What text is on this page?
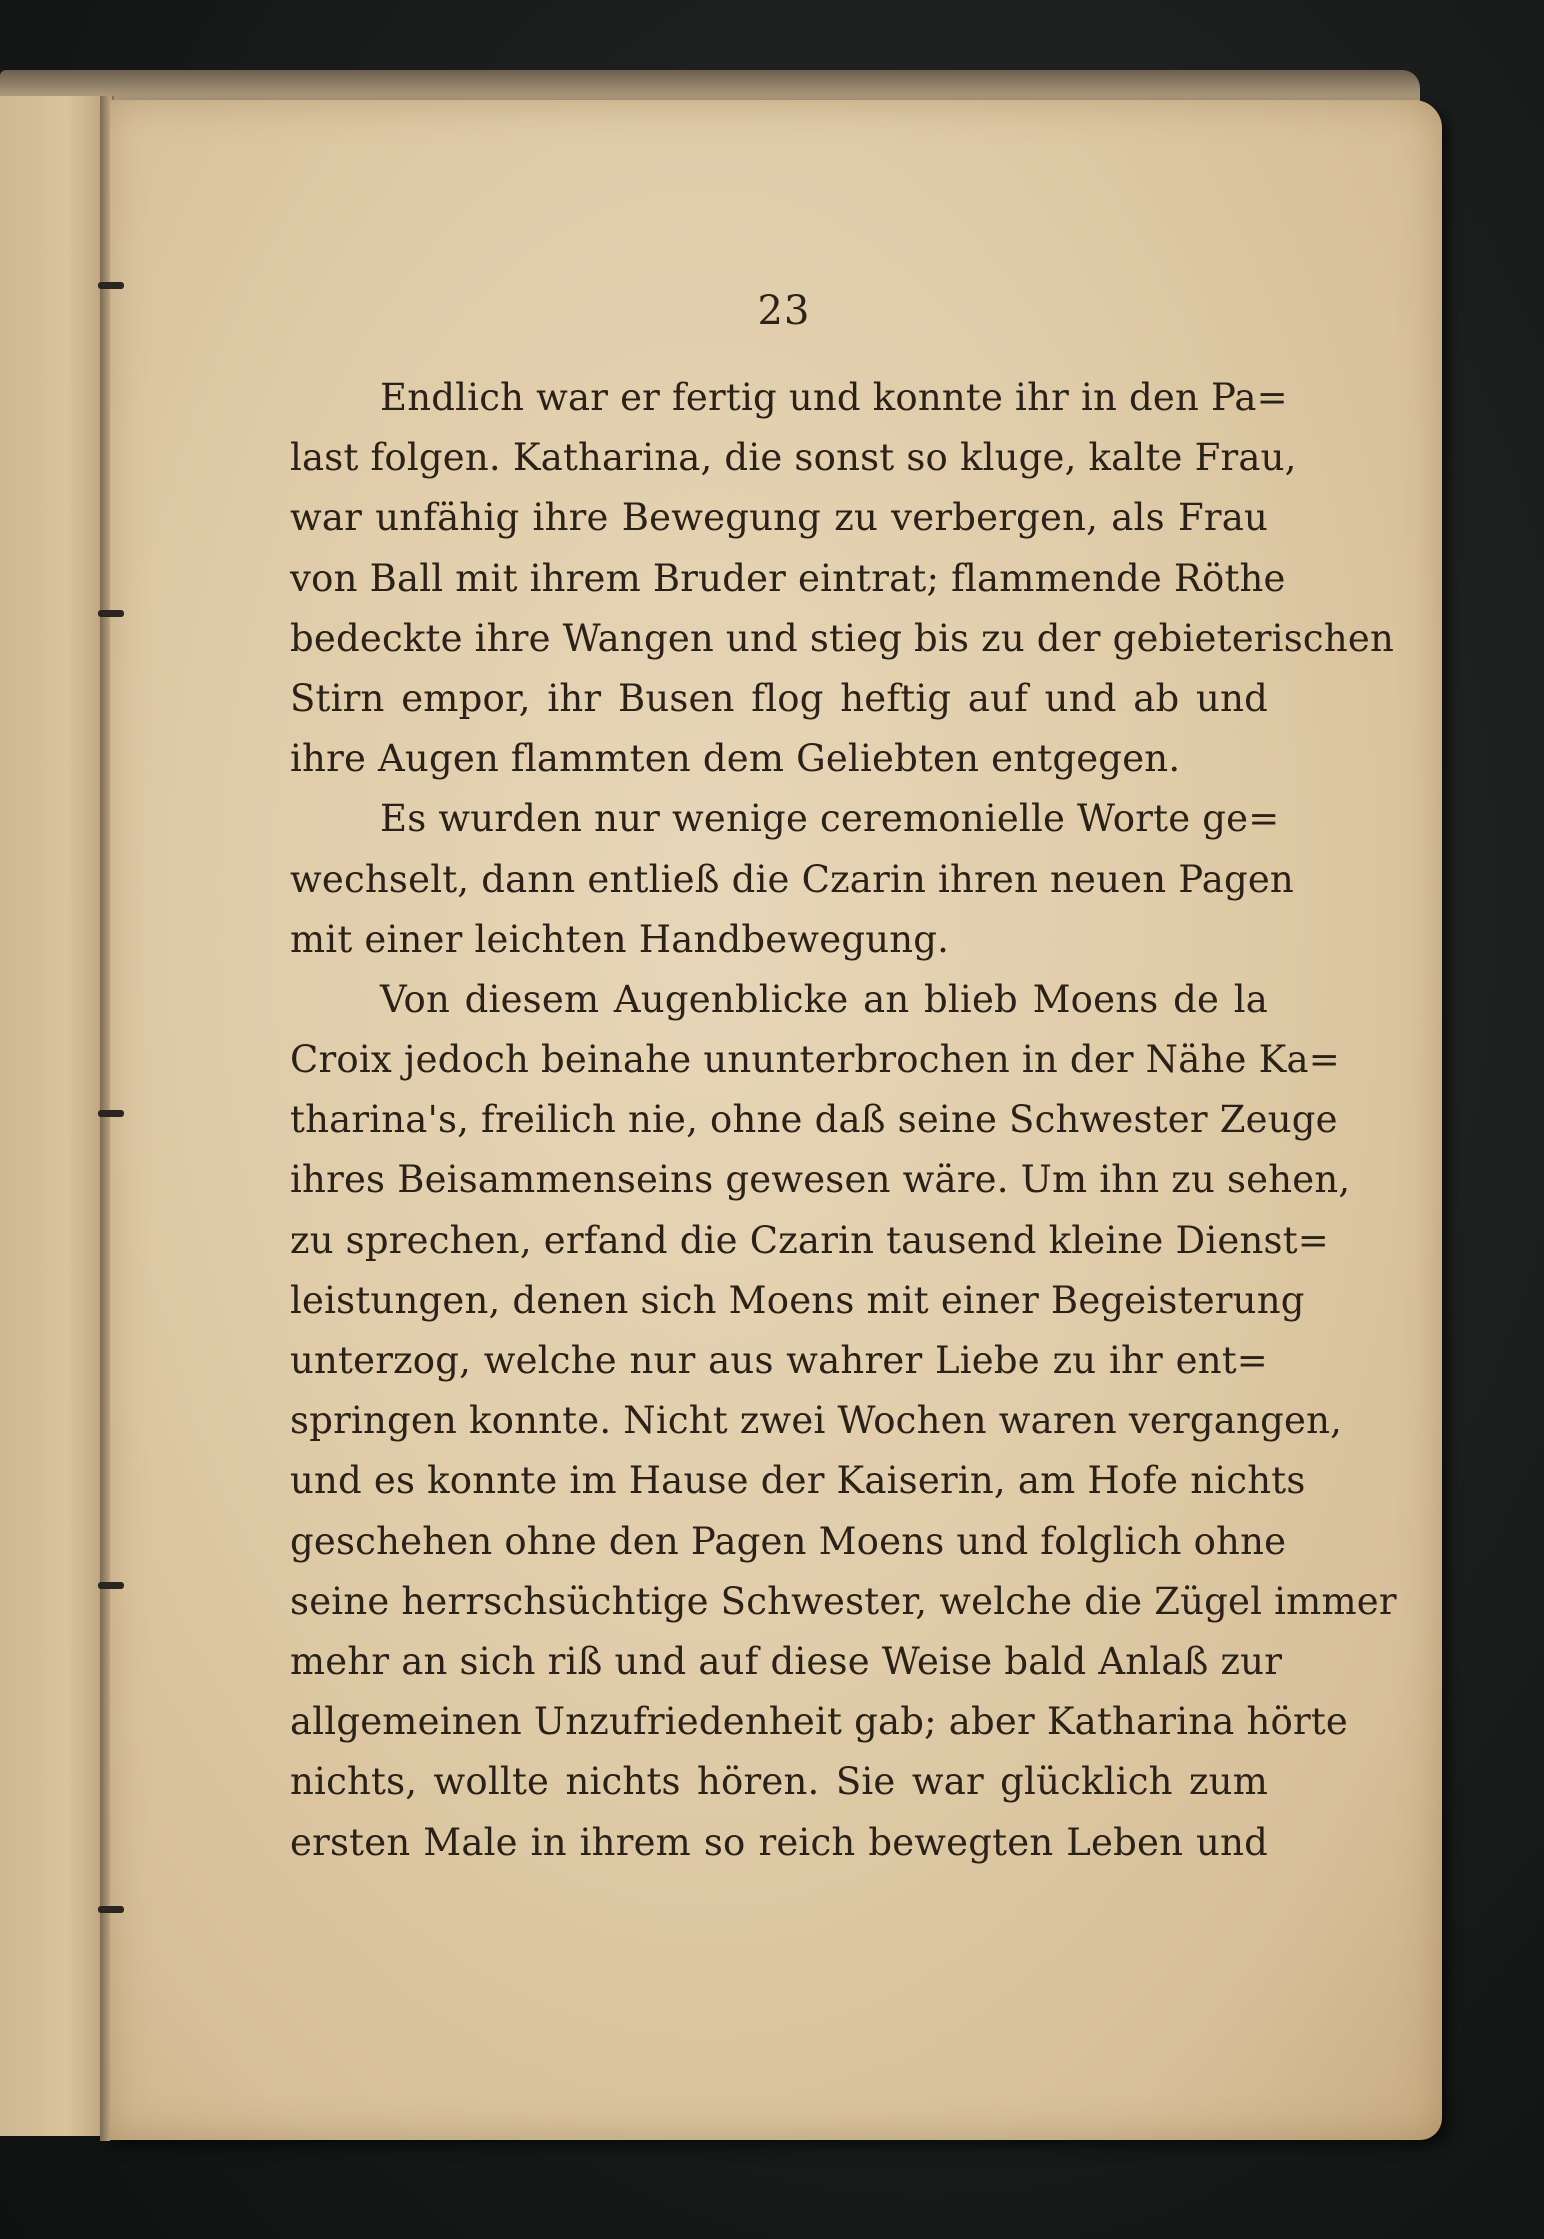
23
Endlich war er fertig und konnte ihr in den Pa=
last folgen. Katharina, die sonst so kluge, kalte Frau,
war unfähig ihre Bewegung zu verbergen, als Frau
von Ball mit ihrem Bruder eintrat; flammende Röthe
bedeckte ihre Wangen und stieg bis zu der gebieterischen
Stirn empor, ihr Busen flog heftig auf und ab und
ihre Augen flammten dem Geliebten entgegen.
Es wurden nur wenige ceremonielle Worte ge=
wechselt, dann entließ die Czarin ihren neuen Pagen
mit einer leichten Handbewegung.
Von diesem Augenblicke an blieb Moens de la
Croix jedoch beinahe ununterbrochen in der Nähe Ka=
tharina's, freilich nie, ohne daß seine Schwester Zeuge
ihres Beisammenseins gewesen wäre. Um ihn zu sehen,
zu sprechen, erfand die Czarin tausend kleine Dienst=
leistungen, denen sich Moens mit einer Begeisterung
unterzog, welche nur aus wahrer Liebe zu ihr ent=
springen konnte. Nicht zwei Wochen waren vergangen,
und es konnte im Hause der Kaiserin, am Hofe nichts
geschehen ohne den Pagen Moens und folglich ohne
seine herrschsüchtige Schwester, welche die Zügel immer
mehr an sich riß und auf diese Weise bald Anlaß zur
allgemeinen Unzufriedenheit gab; aber Katharina hörte
nichts, wollte nichts hören. Sie war glücklich zum
ersten Male in ihrem so reich bewegten Leben und
